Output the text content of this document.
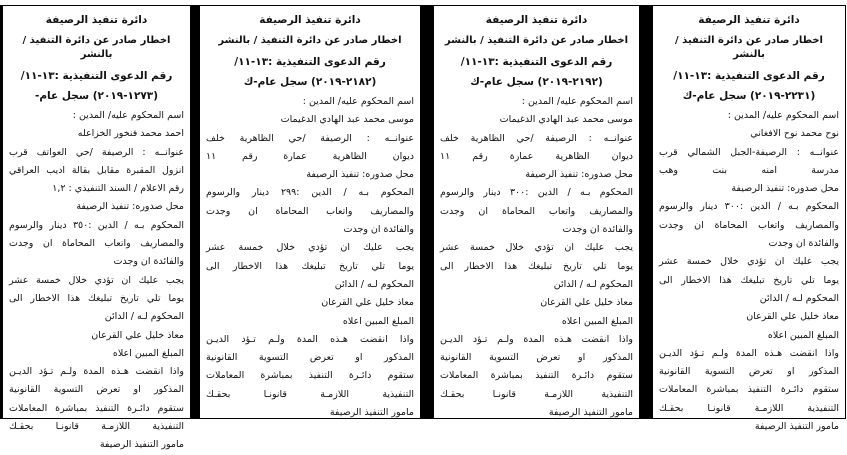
دائرة تنفيذ الرصيفة
اخطار صادر عن دائرة التنفيذ / بالنشر
رقم الدعوى التنفيذية :١٣-١١/
(٢٢٣١-٢٠١٩) سجل عام-ك
اسم المحكوم عليه/ المدين :
نوح محمد نوح الافغاني
عنوانــه : الرصيفة-الجبل الشمالي قرب
مدرسة امنه بنت وهب
محل صدوره: تنفيذ الرصيفة
المحكوم بـه / الدين :٣٠٠ دينار والرسوم
والمصاريف واتعاب المحاماة ان وجدت
والفائدة ان وجدت
يجب عليك ان تؤدي خلال خمسة عشر
يوما تلي تاريخ تبليغك هذا الاخطار الى
المحكوم لـه / الدائن
معاذ خليل علي القرعان
المبلغ المبين اعلاه
واذا انقضت هـذه المدة ولـم تـؤد الديـن
المذكور او تعرض التسوية القانونية
ستقوم دائـرة التنفيذ بمباشرة المعاملات
التنفيذية اللازمـة قانونـا بحقـك
مامور التنفيذ الرصيفة
دائرة تنفيذ الرصيفة
اخطار صادر عن دائرة التنفيذ / بالنشر
رقم الدعوى التنفيذية :١٣-١١/
(٢١٩٢-٢٠١٩) سجل عام-ك
اسم المحكوم عليه/ المدين :
موسى محمد عبد الهادي الدغيمات
عنوانــه : الرصيفة /حي الظاهرية خلف
ديوان الظاهرية عمارة رقم ١١
محل صدوره: تنفيذ الرصيفة
المحكوم بـه / الدين :٣٠٠ دينار والرسوم
والمصاريف واتعاب المحاماة ان وجدت
والفائدة ان وجدت
يجب عليك ان تؤدي خلال خمسة عشر
يوما تلي تاريخ تبليغك هذا الاخطار الى
المحكوم لـه / الدائن
معاذ خليل علي القرعان
المبلغ المبين اعلاه
واذا انقضت هـذه المدة ولـم تـؤد الديـن
المذكور او تعرض التسوية القانونية
ستقوم دائـرة التنفيذ بمباشرة المعاملات
التنفيذية اللازمـة قانونـا بحقـك
مامور التنفيذ الرصيفة
دائرة تنفيذ الرصيفة
اخطار صادر عن دائرة التنفيذ / بالنشر
رقم الدعوى التنفيذية :١٣-١١/
(٢١٨٢-٢٠١٩) سجل عام-ك
اسم المحكوم عليه/ المدين :
موسى محمد عبد الهادي الدغيمات
عنوانــه : الرصيفة /حي الظاهرية خلف
ديوان الظاهرية عمارة رقم ١١
محل صدوره: تنفيذ الرصيفة
المحكوم بـه / الدين :٢٩٩ دينار والرسوم
والمصاريف واتعاب المحاماة ان وجدت
والفائدة ان وجدت
يجب عليك ان تؤدي خلال خمسة عشر
يوما تلي تاريخ تبليغك هذا الاخطار الى
المحكوم لـه / الدائن
معاذ خليل علي القرعان
المبلغ المبين اعلاه
واذا انقضت هـذه المدة ولـم تـؤد الديـن
المذكور او تعرض التسوية القانونية
ستقوم دائـرة التنفيذ بمباشرة المعاملات
التنفيذية اللازمـة قانونـا بحقـك
مامور التنفيذ الرصيفة
دائرة تنفيذ الرصيفة
اخطار صادر عن دائرة التنفيذ / بالنشر
رقم الدعوى التنفيذية :١٣-١١/
(١٢٧٣-٢٠١٩) سجل عام-
اسم المحكوم عليه/ المدين :
احمد محمد فنخور الخزاعله
عنوانــه : الرصيفة /حي العواتف قرب
انزول المقبرة مقابل بقالة اديب العراقي
رقم الاعلام / السند التنفيذي : ١,٢
محل صدوره: تنفيذ الرصيفة
المحكوم بـه / الدين :٣٥٠ دينار والرسوم
والمصاريف واتعاب المحاماة ان وجدت
والفائدة ان وجدت
يجب عليك ان تؤدي خلال خمسة عشر
يوما تلي تاريخ تبليغك هذا الاخطار الى
المحكوم لـه / الدائن
معاذ خليل علي القرعان
المبلغ المبين اعلاه
واذا انقضت هـذه المدة ولـم تـؤد الديـن
المذكور او تعرض التسوية القانونية
ستقوم دائـرة التنفيذ بمباشرة المعاملات
التنفيذية اللازمـة قانونـا بحقـك
مامور التنفيذ الرصيفة
